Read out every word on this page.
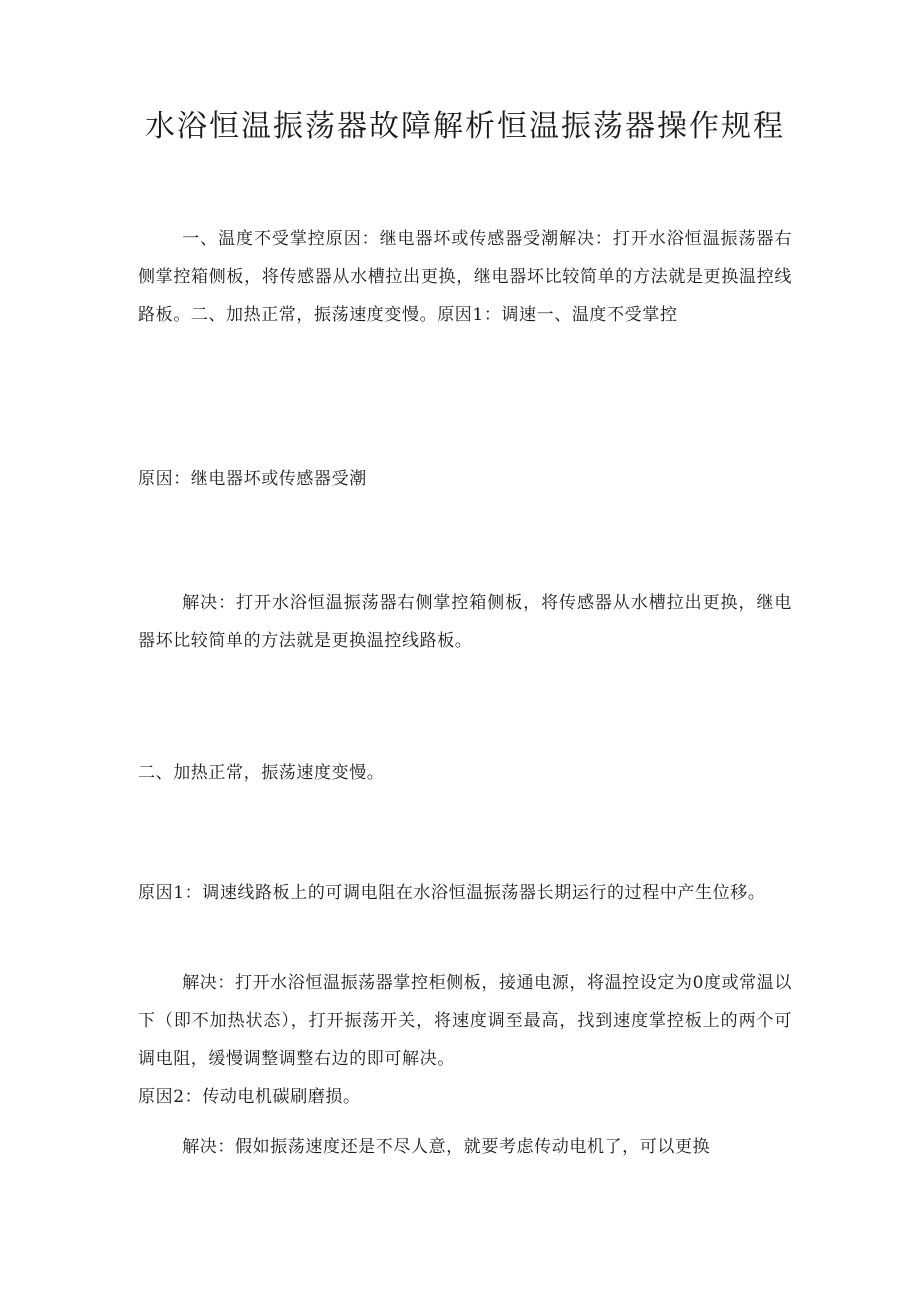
水浴恒温振荡器故障解析恒温振荡器操作规程

一、温度不受掌控原因：继电器坏或传感器受潮解决：打开水浴恒温振荡器右侧掌控箱侧板，将传感器从水槽拉出更换，继电器坏比较简单的方法就是更换温控线路板。二、加热正常，振荡速度变慢。原因1：调速一、温度不受掌控

原因：继电器坏或传感器受潮

解决：打开水浴恒温振荡器右侧掌控箱侧板，将传感器从水槽拉出更换，继电器坏比较简单的方法就是更换温控线路板。

二、加热正常，振荡速度变慢。

原因1：调速线路板上的可调电阻在水浴恒温振荡器长期运行的过程中产生位移。

解决：打开水浴恒温振荡器掌控柜侧板，接通电源，将温控设定为0度或常温以下（即不加热状态），打开振荡开关，将速度调至最高，找到速度掌控板上的两个可调电阻，缓慢调整调整右边的即可解决。

原因2：传动电机碳刷磨损。

解决：假如振荡速度还是不尽人意，就要考虑传动电机了，可以更换
